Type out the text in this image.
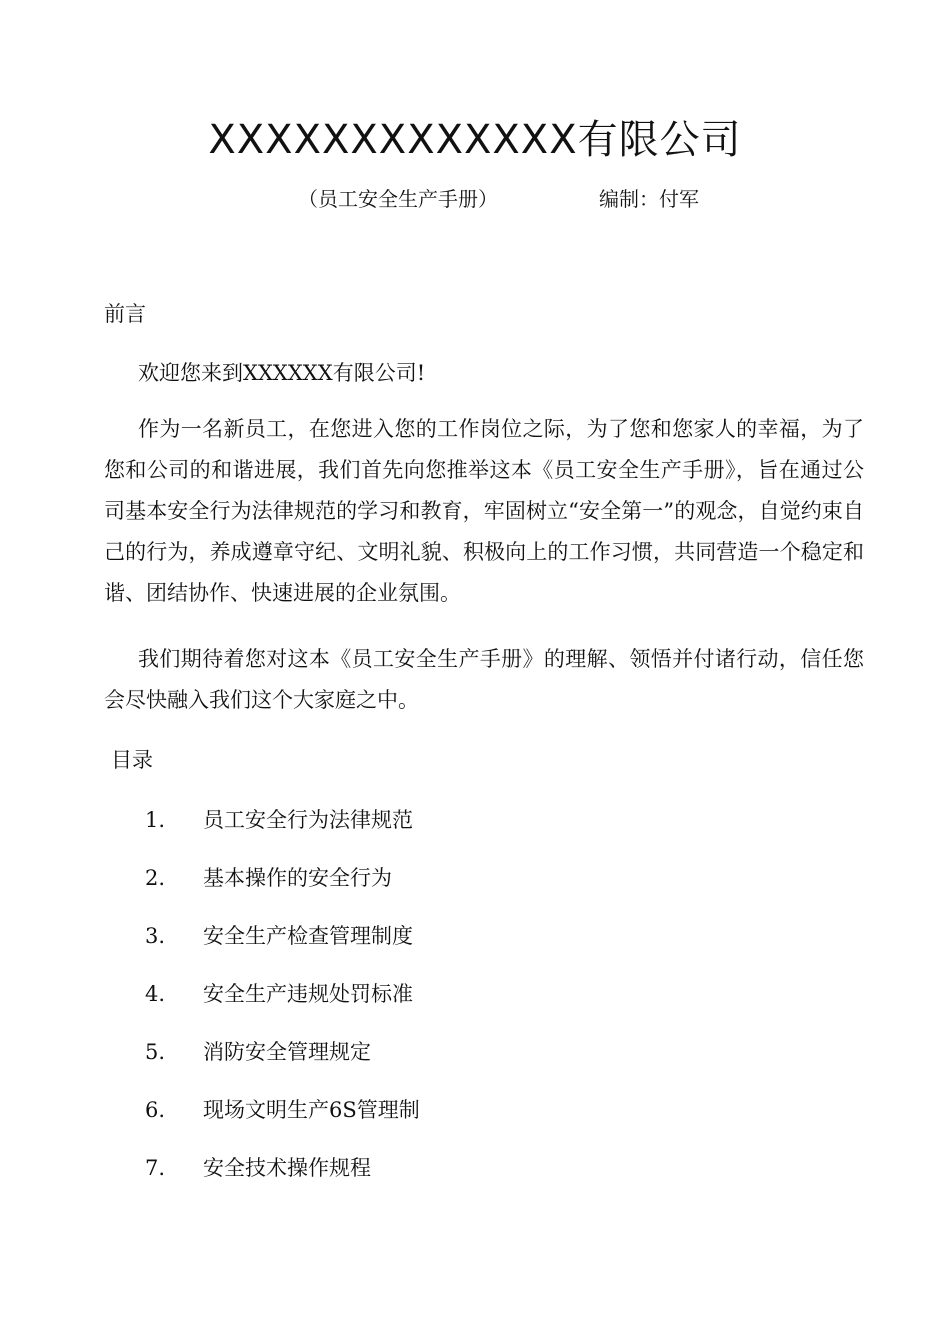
XXXXXXXXXXXXX有限公司
（员工安全生产手册）	编制：付军
前言

欢迎您来到XXXXXX有限公司!

作为一名新员工，在您进入您的工作岗位之际，为了您和您家人的幸福，为了您和公司的和谐进展，我们首先向您推举这本《员工安全生产手册》，旨在通过公司基本安全行为法律规范的学习和教育，牢固树立“安全第一”的观念，自觉约束自己的行为，养成遵章守纪、文明礼貌、积极向上的工作习惯，共同营造一个稳定和谐、团结协作、快速进展的企业氛围。

我们期待着您对这本《员工安全生产手册》的理解、领悟并付诸行动，信任您会尽快融入我们这个大家庭之中。

目录
1. 员工安全行为法律规范
2. 基本操作的安全行为
3. 安全生产检查管理制度
4. 安全生产违规处罚标准
5. 消防安全管理规定
6. 现场文明生产6S管理制
7. 安全技术操作规程
